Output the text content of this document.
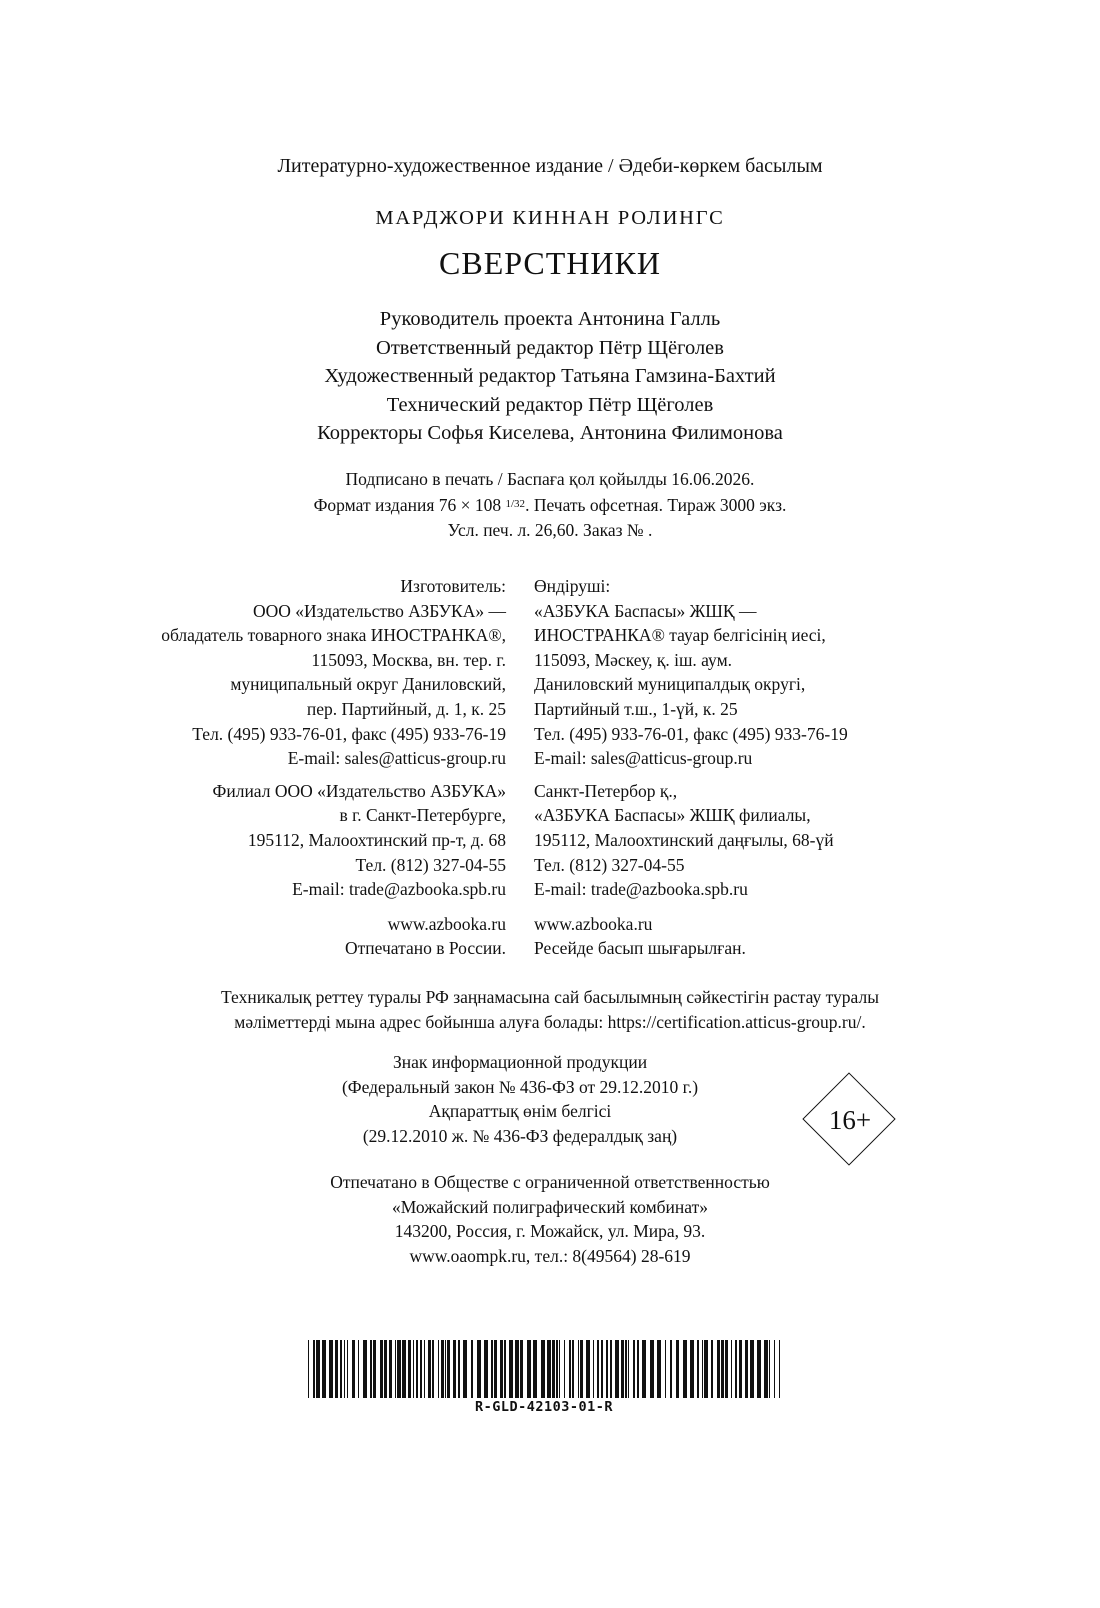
Литературно-художественное издание / Әдеби-көркем басылым
МАРДЖОРИ КИННАН РОЛИНГС
СВЕРСТНИКИ
Руководитель проекта Антонина Галль
Ответственный редактор Пётр Щёголев
Художественный редактор Татьяна Гамзина-Бахтий
Технический редактор Пётр Щёголев
Корректоры Софья Киселева, Антонина Филимонова
Подписано в печать / Баспаға қол қойылды 16.06.2026.
Формат издания 76 × 108 $^{1/32}$. Печать офсетная. Тираж 3000 экз.
Усл. печ. л. 26,60. Заказ № .
Изготовитель:
ООО «Издательство АЗБУКА» —
обладатель товарного знака ИНОСТРАНКА®,
115093, Москва, вн. тер. г.
муниципальный округ Даниловский,
пер. Партийный, д. 1, к. 25
Тел. (495) 933-76-01, факс (495) 933-76-19
E-mail: sales@atticus-group.ru
Филиал ООО «Издательство АЗБУКА»
в г. Санкт-Петербурге,
195112, Малоохтинский пр-т, д. 68
Тел. (812) 327-04-55
E-mail: trade@azbooka.spb.ru
www.azbooka.ru
Отпечатано в России.
Өндіруші:
«АЗБУКА Баспасы» ЖШҚ —
ИНОСТРАНКА® тауар белгісінің иесі,
115093, Мәскеу, қ. іш. аум.
Даниловский муниципалдық округі,
Партийный т.ш., 1-үй, к. 25
Тел. (495) 933-76-01, факс (495) 933-76-19
E-mail: sales@atticus-group.ru
Санкт-Петербор қ.,
«АЗБУКА Баспасы» ЖШҚ филиалы,
195112, Малоохтинский даңғылы, 68-үй
Тел. (812) 327-04-55
E-mail: trade@azbooka.spb.ru
www.azbooka.ru
Ресейде басып шығарылған.
Техникалық реттеу туралы РФ заңнамасына сай басылымның сәйкестігін растау туралы
мәліметтерді мына адрес бойынша алуға болады: https://certification.atticus-group.ru/.
Знак информационной продукции
(Федеральный закон № 436-ФЗ от 29.12.2010 г.)
Ақпараттық өнім белгісі
(29.12.2010 ж. № 436-ФЗ федералдық заң)
16+
Отпечатано в Обществе с ограниченной ответственностью
«Можайский полиграфический комбинат»
143200, Россия, г. Можайск, ул. Мира, 93.
www.oaompk.ru, тел.: 8(49564) 28-619
R-GLD-42103-01-R
